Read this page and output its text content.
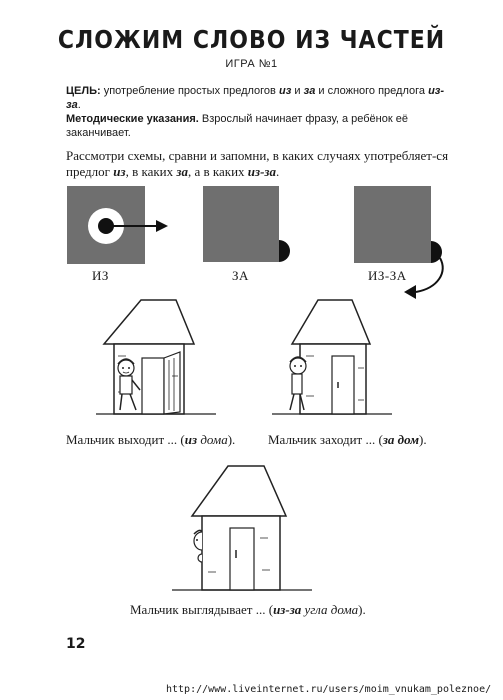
СЛОЖИМ СЛОВО ИЗ ЧАСТЕЙ
ИГРА №1
ЦЕЛЬ: употребление простых предлогов из и за и сложного предлога из-за.
Методические указания. Взрослый начинает фразу, а ребёнок её заканчивает.
Рассмотри схемы, сравни и запомни, в каких случаях употребляет-ся предлог из, в каких за, а в каких из-за.
ИЗ	ЗА	ИЗ-ЗА
Мальчик выходит ... (из дома).	Мальчик заходит ... (за дом).
Мальчик выглядывает ... (из-за угла дома).
12
http://www.liveinternet.ru/users/moim_vnukam_poleznoe/
